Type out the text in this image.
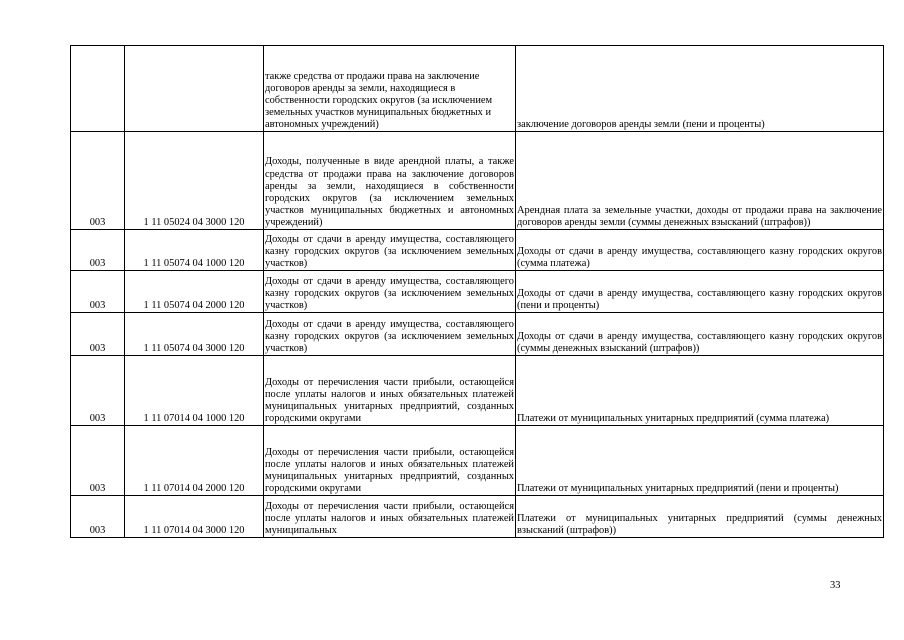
		также средства от продажи права на заключение договоров аренды за земли, находящиеся в собственности городских округов (за исключением земельных участков муниципальных бюджетных и автономных учреждений)	заключение договоров аренды земли (пени и проценты)
003	1 11 05024 04 3000 120	Доходы, полученные в виде арендной платы, а также средства от продажи права на заключение договоров аренды за земли, находящиеся в собственности городских округов (за исключением земельных участков муниципальных бюджетных и автономных учреждений)	Арендная плата за земельные участки, доходы от продажи права на заключение договоров аренды земли (суммы денежных взысканий (штрафов))
003	1 11 05074 04 1000 120	Доходы от сдачи в аренду имущества, составляющего казну городских округов (за исключением земельных участков)	Доходы от сдачи в аренду имущества, составляющего казну городских округов (сумма платежа)
003	1 11 05074 04 2000 120	Доходы от сдачи в аренду имущества, составляющего казну городских округов (за исключением земельных участков)	Доходы от сдачи в аренду имущества, составляющего казну городских округов (пени и проценты)
003	1 11 05074 04 3000 120	Доходы от сдачи в аренду имущества, составляющего казну городских округов (за исключением земельных участков)	Доходы от сдачи в аренду имущества, составляющего казну городских округов (суммы денежных взысканий (штрафов))
003	1 11 07014 04 1000 120	Доходы от перечисления части прибыли, остающейся после уплаты налогов и иных обязательных платежей муниципальных унитарных предприятий, созданных городскими округами	Платежи от муниципальных унитарных предприятий (сумма платежа)
003	1 11 07014 04 2000 120	Доходы от перечисления части прибыли, остающейся после уплаты налогов и иных обязательных платежей муниципальных унитарных предприятий, созданных городскими округами	Платежи от муниципальных унитарных предприятий (пени и проценты)
003	1 11 07014 04 3000 120	Доходы от перечисления части прибыли, остающейся после уплаты налогов и иных обязательных платежей муниципальных	Платежи от муниципальных унитарных предприятий (суммы денежных взысканий (штрафов))
33
